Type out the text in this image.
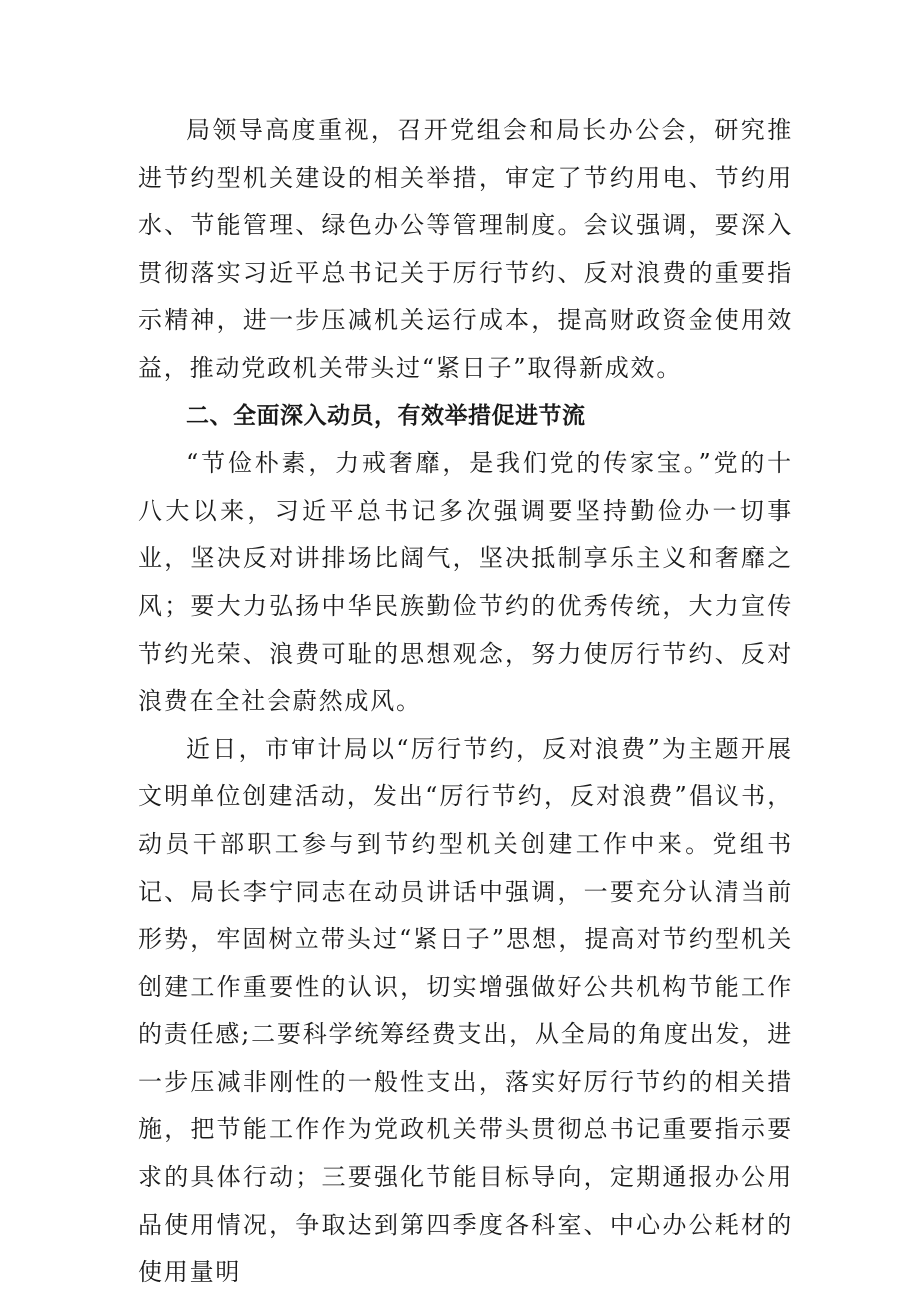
局领导高度重视，召开党组会和局长办公会，研究推进节约型机关建设的相关举措，审定了节约用电、节约用水、节能管理、绿色办公等管理制度。会议强调，要深入贯彻落实习近平总书记关于厉行节约、反对浪费的重要指示精神，进一步压减机关运行成本，提高财政资金使用效益，推动党政机关带头过“紧日子”取得新成效。

二、全面深入动员，有效举措促进节流

“节俭朴素，力戒奢靡，是我们党的传家宝。”党的十八大以来，习近平总书记多次强调要坚持勤俭办一切事业，坚决反对讲排场比阔气，坚决抵制享乐主义和奢靡之风；要大力弘扬中华民族勤俭节约的优秀传统，大力宣传节约光荣、浪费可耻的思想观念，努力使厉行节约、反对浪费在全社会蔚然成风。

近日，市审计局以“厉行节约，反对浪费”为主题开展文明单位创建活动，发出“厉行节约，反对浪费”倡议书，动员干部职工参与到节约型机关创建工作中来。党组书记、局长李宁同志在动员讲话中强调，一要充分认清当前形势，牢固树立带头过“紧日子”思想，提高对节约型机关创建工作重要性的认识，切实增强做好公共机构节能工作的责任感;二要科学统筹经费支出，从全局的角度出发，进一步压减非刚性的一般性支出，落实好厉行节约的相关措施，把节能工作作为党政机关带头贯彻总书记重要指示要求的具体行动；三要强化节能目标导向，定期通报办公用品使用情况，争取达到第四季度各科室、中心办公耗材的使用量明
